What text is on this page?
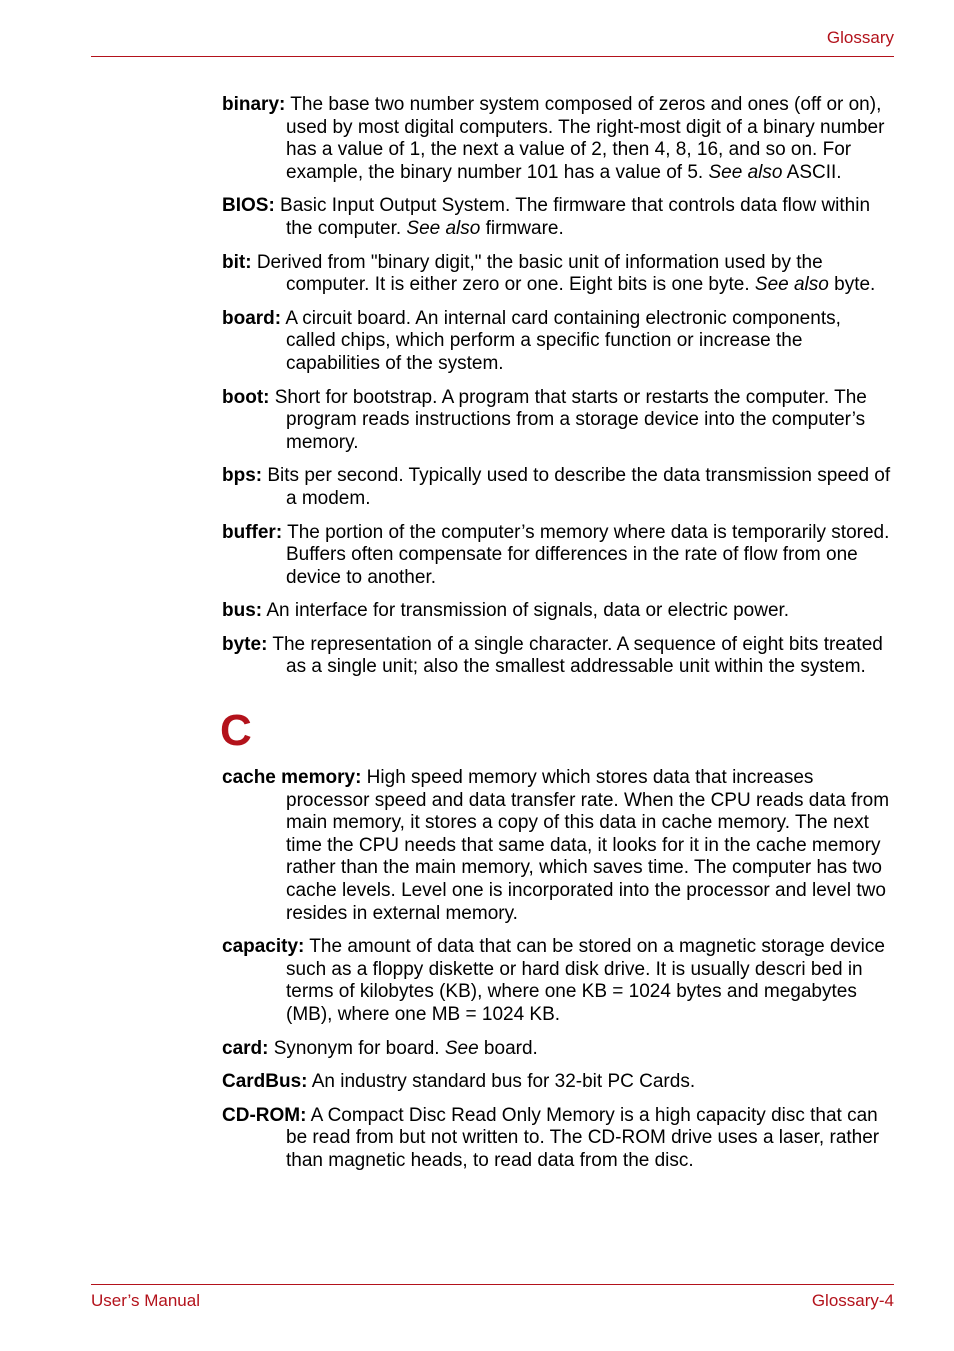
Glossary

binary: The base two number system composed of zeros and ones (off or on), used by most digital computers. The right-most digit of a binary number has a value of 1, the next a value of 2, then 4, 8, 16, and so on. For example, the binary number 101 has a value of 5. See also ASCII.

BIOS: Basic Input Output System. The firmware that controls data flow within the computer. See also firmware.

bit: Derived from "binary digit," the basic unit of information used by the computer. It is either zero or one. Eight bits is one byte. See also byte.

board: A circuit board. An internal card containing electronic components, called chips, which perform a specific function or increase the capabilities of the system.

boot: Short for bootstrap. A program that starts or restarts the computer. The program reads instructions from a storage device into the computer’s memory.

bps: Bits per second. Typically used to describe the data transmission speed of a modem.

buffer: The portion of the computer’s memory where data is temporarily stored. Buffers often compensate for differences in the rate of flow from one device to another.

bus: An interface for transmission of signals, data or electric power.

byte: The representation of a single character. A sequence of eight bits treated as a single unit; also the smallest addressable unit within the system.

C

cache memory: High speed memory which stores data that increases processor speed and data transfer rate. When the CPU reads data from main memory, it stores a copy of this data in cache memory. The next time the CPU needs that same data, it looks for it in the cache memory rather than the main memory, which saves time. The computer has two cache levels. Level one is incorporated into the processor and level two resides in external memory.

capacity: The amount of data that can be stored on a magnetic storage device such as a floppy diskette or hard disk drive. It is usually descri bed in terms of kilobytes (KB), where one KB = 1024 bytes and megabytes (MB), where one MB = 1024 KB.

card: Synonym for board. See board.

CardBus: An industry standard bus for 32-bit PC Cards.

CD-ROM: A Compact Disc Read Only Memory is a high capacity disc that can be read from but not written to. The CD-ROM drive uses a laser, rather than magnetic heads, to read data from the disc.

User’s Manual	Glossary-4
